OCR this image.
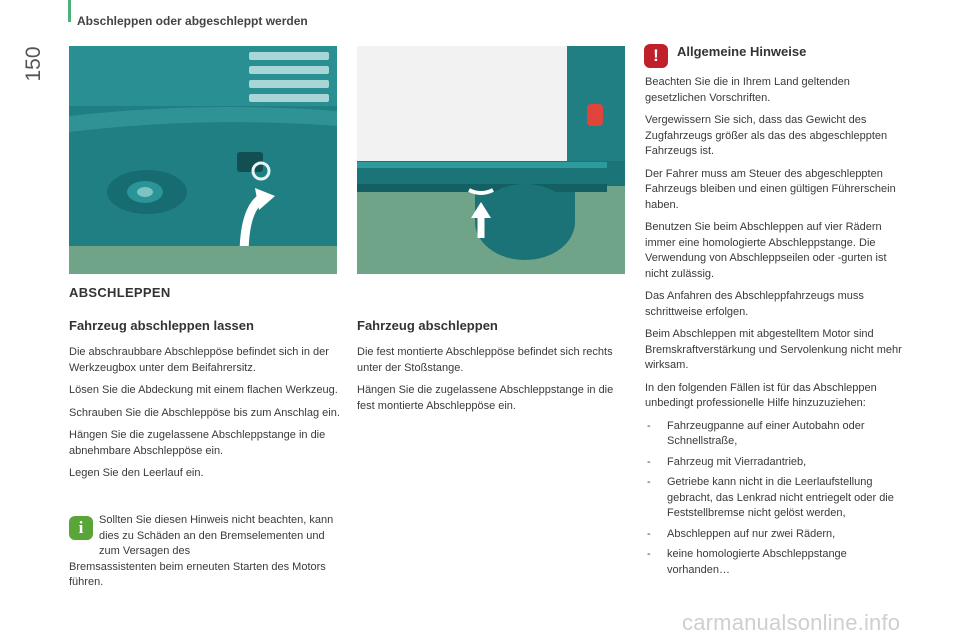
150
Abschleppen oder abgeschleppt werden
ABSCHLEPPEN
Fahrzeug abschleppen lassen

Die abschraubbare Abschleppöse befindet sich in der Werkzeugbox unter dem Beifahrersitz.

Lösen Sie die Abdeckung mit einem flachen Werkzeug.

Schrauben Sie die Abschleppöse bis zum Anschlag ein.

Hängen Sie die zugelassene Abschleppstange in die abnehmbare Abschleppöse ein.

Legen Sie den Leerlauf ein.

i	Sollten Sie diesen Hinweis nicht beachten, kann dies zu Schäden an den Bremselementen und zum Versagen des
Bremsassistenten beim erneuten Starten des Motors führen.
Fahrzeug abschleppen

Die fest montierte Abschleppöse befindet sich rechts unter der Stoßstange.

Hängen Sie die zugelassene Abschleppstange in die fest montierte Abschleppöse ein.

!	Allgemeine Hinweise

Beachten Sie die in Ihrem Land geltenden gesetzlichen Vorschriften.

Vergewissern Sie sich, dass das Gewicht des Zugfahrzeugs größer als das des abgeschleppten Fahrzeugs ist.

Der Fahrer muss am Steuer des abgeschleppten Fahrzeugs bleiben und einen gültigen Führerschein haben.

Benutzen Sie beim Abschleppen auf vier Rädern immer eine homologierte Abschleppstange. Die Verwendung von Abschleppseilen oder -gurten ist nicht zulässig.

Das Anfahren des Abschleppfahrzeugs muss schrittweise erfolgen.

Beim Abschleppen mit abgestelltem Motor sind Bremskraftverstärkung und Servolenkung nicht mehr wirksam.

In den folgenden Fällen ist für das Abschleppen unbedingt professionelle Hilfe hinzuzuziehen:

- Fahrzeugpanne auf einer Autobahn oder Schnellstraße,
- Fahrzeug mit Vierradantrieb,
- Getriebe kann nicht in die Leerlaufstellung gebracht, das Lenkrad nicht entriegelt oder die Feststellbremse nicht gelöst werden,
- Abschleppen auf nur zwei Rädern,
- keine homologierte Abschleppstange vorhanden…
carmanualsonline.info
